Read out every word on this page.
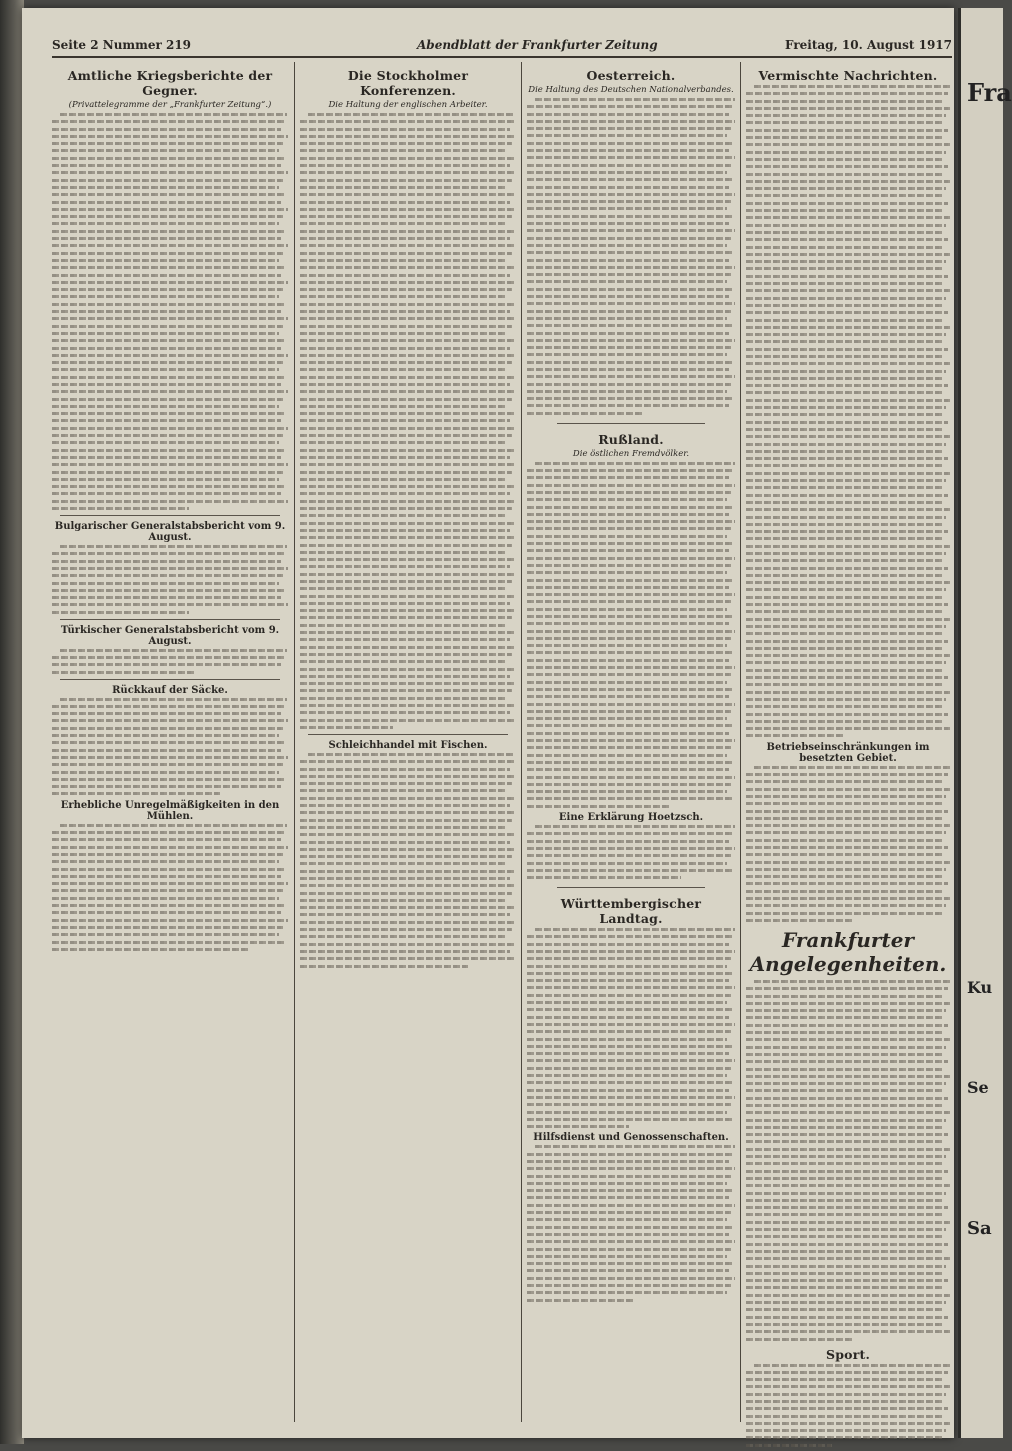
Seite 2 Nummer 219	Abendblatt der Frankfurter Zeitung	Freitag, 10. August 1917
Amtliche Kriegsberichte der Gegner.
(Privattelegramme der „Frankfurter Zeitung“.)
Bulgarischer Generalstabsbericht vom 9. August.
Türkischer Generalstabsbericht vom 9. August.
Rückkauf der Säcke.
Erhebliche Unregelmäßigkeiten in den Mühlen.
Die Stockholmer Konferenzen.
Die Haltung der englischen Arbeiter.
Schleichhandel mit Fischen.
Oesterreich.
Die Haltung des Deutschen Nationalverbandes.
Rußland.
Die östlichen Fremdvölker.
Eine Erklärung Hoetzsch.
Württembergischer Landtag.
Hilfsdienst und Genossenschaften.
Vermischte Nachrichten.
Betriebseinschränkungen im besetzten Gebiet.
Frankfurter Angelegenheiten.
Sport.
Fra
Ku
Se
Sa
